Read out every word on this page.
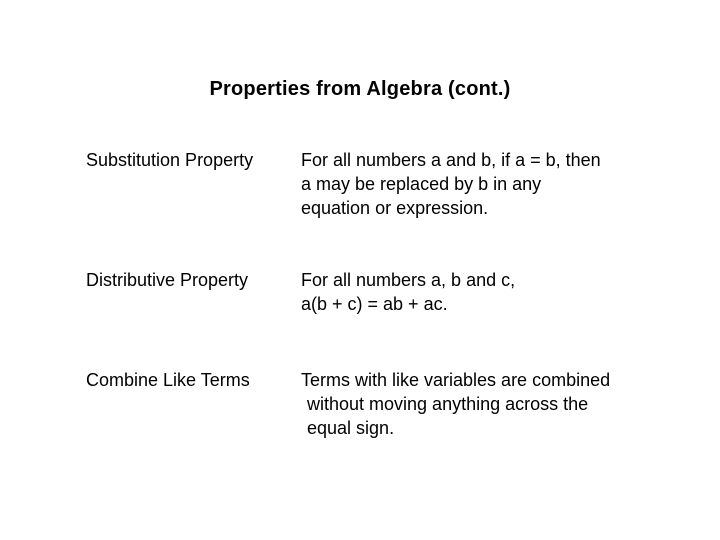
Properties from Algebra (cont.)
Substitution Property	For all numbers a and b, if a = b, then
a may be replaced by b in any
equation or expression.
Distributive Property	For all numbers a, b and c,
a(b + c) = ab + ac.
Combine Like Terms	Terms with like variables are combined
without moving anything across the
equal sign.
